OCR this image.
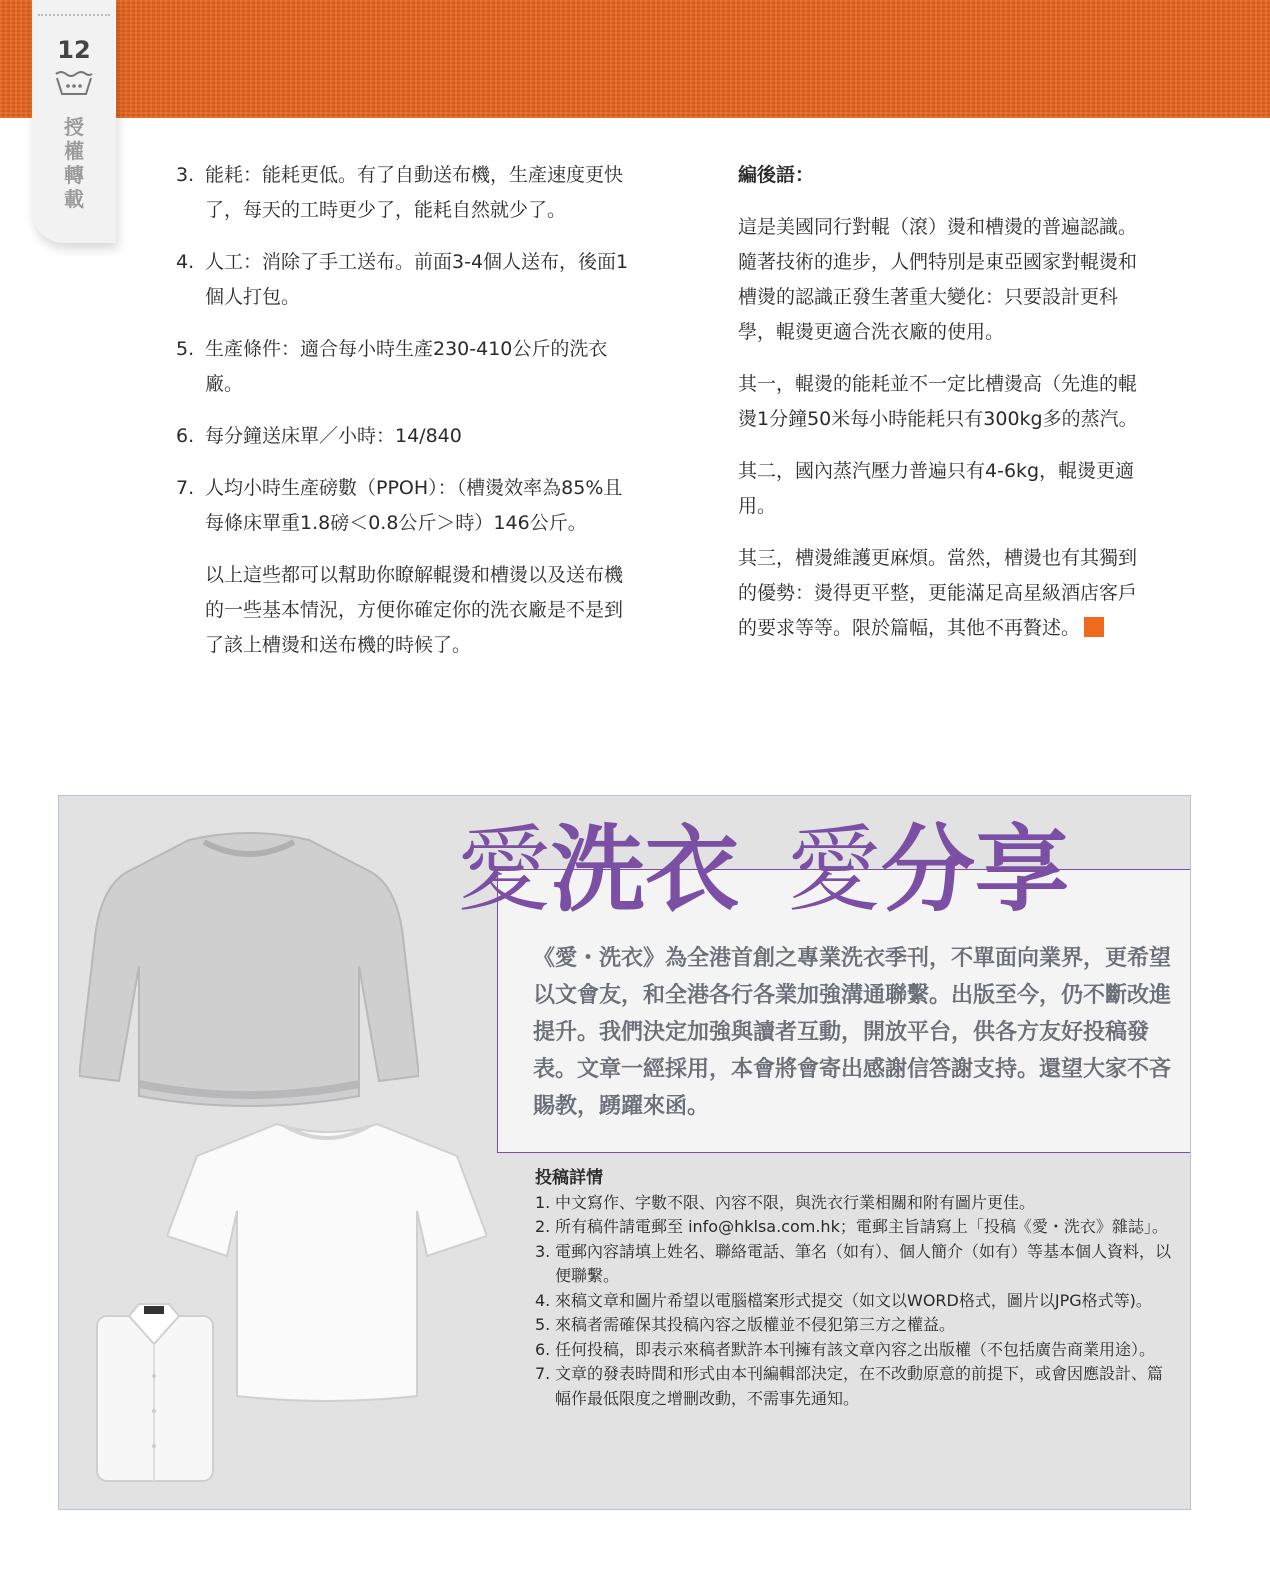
12
授權轉載
3. 能耗：能耗更低。有了自動送布機，生產速度更快了，每天的工時更少了，能耗自然就少了。
4. 人工：消除了手工送布。前面3-4個人送布，後面1個人打包。
5. 生產條件：適合每小時生產230-410公斤的洗衣廠。
6. 每分鐘送床單／小時：14/840
7. 人均小時生產磅數（PPOH）：（槽燙效率為85%且每條床單重1.8磅＜0.8公斤＞時）146公斤。
以上這些都可以幫助你瞭解輥燙和槽燙以及送布機的一些基本情況，方便你確定你的洗衣廠是不是到了該上槽燙和送布機的時候了。
編後語：

這是美國同行對輥（滾）燙和槽燙的普遍認識。隨著技術的進步，人們特別是東亞國家對輥燙和槽燙的認識正發生著重大變化：只要設計更科學，輥燙更適合洗衣廠的使用。

其一，輥燙的能耗並不一定比槽燙高（先進的輥燙1分鐘50米每小時能耗只有300kg多的蒸汽。

其二，國內蒸汽壓力普遍只有4-6kg，輥燙更適用。

其三，槽燙維護更麻煩。當然，槽燙也有其獨到的優勢：燙得更平整，更能滿足高星級酒店客戶的要求等等。限於篇幅，其他不再贅述。

愛洗衣 愛分享
《愛・洗衣》為全港首創之專業洗衣季刊，不單面向業界，更希望以文會友，和全港各行各業加強溝通聯繫。出版至今，仍不斷改進提升。我們決定加強與讀者互動，開放平台，供各方友好投稿發表。文章一經採用，本會將會寄出感謝信答謝支持。還望大家不吝賜教，踴躍來函。
投稿詳情
1. 中文寫作、字數不限、內容不限，與洗衣行業相關和附有圖片更佳。
2. 所有稿件請電郵至 info@hklsa.com.hk；電郵主旨請寫上「投稿《愛・洗衣》雜誌」。
3. 電郵內容請填上姓名、聯絡電話、筆名（如有）、個人簡介（如有）等基本個人資料，以便聯繫。
4. 來稿文章和圖片希望以電腦檔案形式提交（如文以WORD格式，圖片以JPG格式等)。
5. 來稿者需確保其投稿內容之版權並不侵犯第三方之權益。
6. 任何投稿，即表示來稿者默許本刊擁有該文章內容之出版權（不包括廣告商業用途）。
7. 文章的發表時間和形式由本刊編輯部決定，在不改動原意的前提下，或會因應設計、篇幅作最低限度之增刪改動，不需事先通知。
